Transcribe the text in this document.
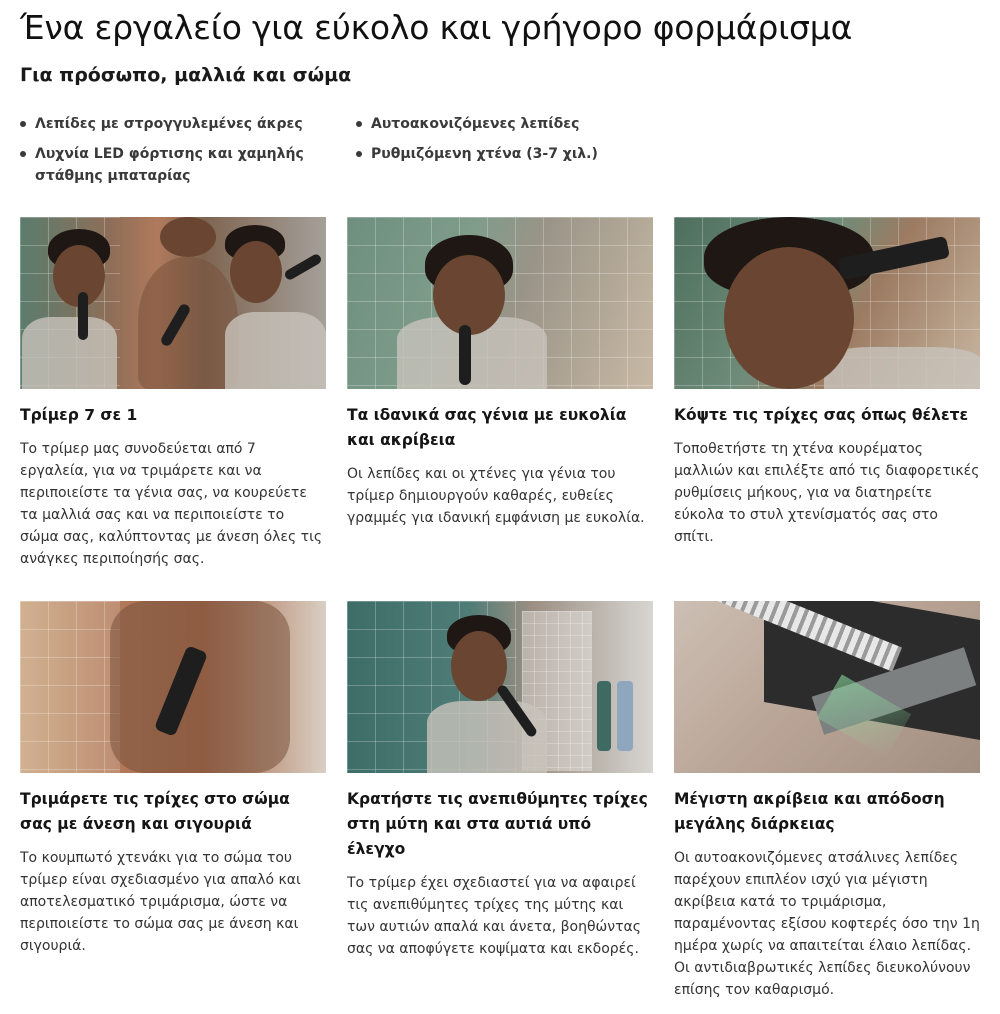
Ένα εργαλείο για εύκολο και γρήγορο φορμάρισμα
Για πρόσωπο, μαλλιά και σώμα
Λεπίδες με στρογγυλεμένες άκρες	Αυτοακονιζόμενες λεπίδες
Λυχνία LED φόρτισης και χαμηλής στάθμης μπαταρίας
Ρυθμιζόμενη χτένα (3-7 χιλ.)
Τρίμερ 7 σε 1

Το τρίμερ μας συνοδεύεται από 7 εργαλεία, για να τριμάρετε και να περιποιείστε τα γένια σας, να κουρεύετε τα μαλλιά σας και να περιποιείστε το σώμα σας, καλύπτοντας με άνεση όλες τις ανάγκες περιποίησής σας.

Τα ιδανικά σας γένια με ευκολία και ακρίβεια

Οι λεπίδες και οι χτένες για γένια του τρίμερ δημιουργούν καθαρές, ευθείες γραμμές για ιδανική εμφάνιση με ευκολία.

Κόψτε τις τρίχες σας όπως θέλετε

Τοποθετήστε τη χτένα κουρέματος μαλλιών και επιλέξτε από τις διαφορετικές ρυθμίσεις μήκους, για να διατηρείτε εύκολα το στυλ χτενίσματός σας στο σπίτι.

Τριμάρετε τις τρίχες στο σώμα σας με άνεση και σιγουριά

Το κουμπωτό χτενάκι για το σώμα του τρίμερ είναι σχεδιασμένο για απαλό και αποτελεσματικό τριμάρισμα, ώστε να περιποιείστε το σώμα σας με άνεση και σιγουριά.

Κρατήστε τις ανεπιθύμητες τρίχες στη μύτη και στα αυτιά υπό έλεγχο

Το τρίμερ έχει σχεδιαστεί για να αφαιρεί τις ανεπιθύμητες τρίχες της μύτης και των αυτιών απαλά και άνετα, βοηθώντας σας να αποφύγετε κοψίματα και εκδορές.

Μέγιστη ακρίβεια και απόδοση μεγάλης διάρκειας

Οι αυτοακονιζόμενες ατσάλινες λεπίδες παρέχουν επιπλέον ισχύ για μέγιστη ακρίβεια κατά το τριμάρισμα, παραμένοντας εξίσου κοφτερές όσο την 1η ημέρα χωρίς να απαιτείται έλαιο λεπίδας. Οι αντιδιαβρωτικές λεπίδες διευκολύνουν επίσης τον καθαρισμό.
